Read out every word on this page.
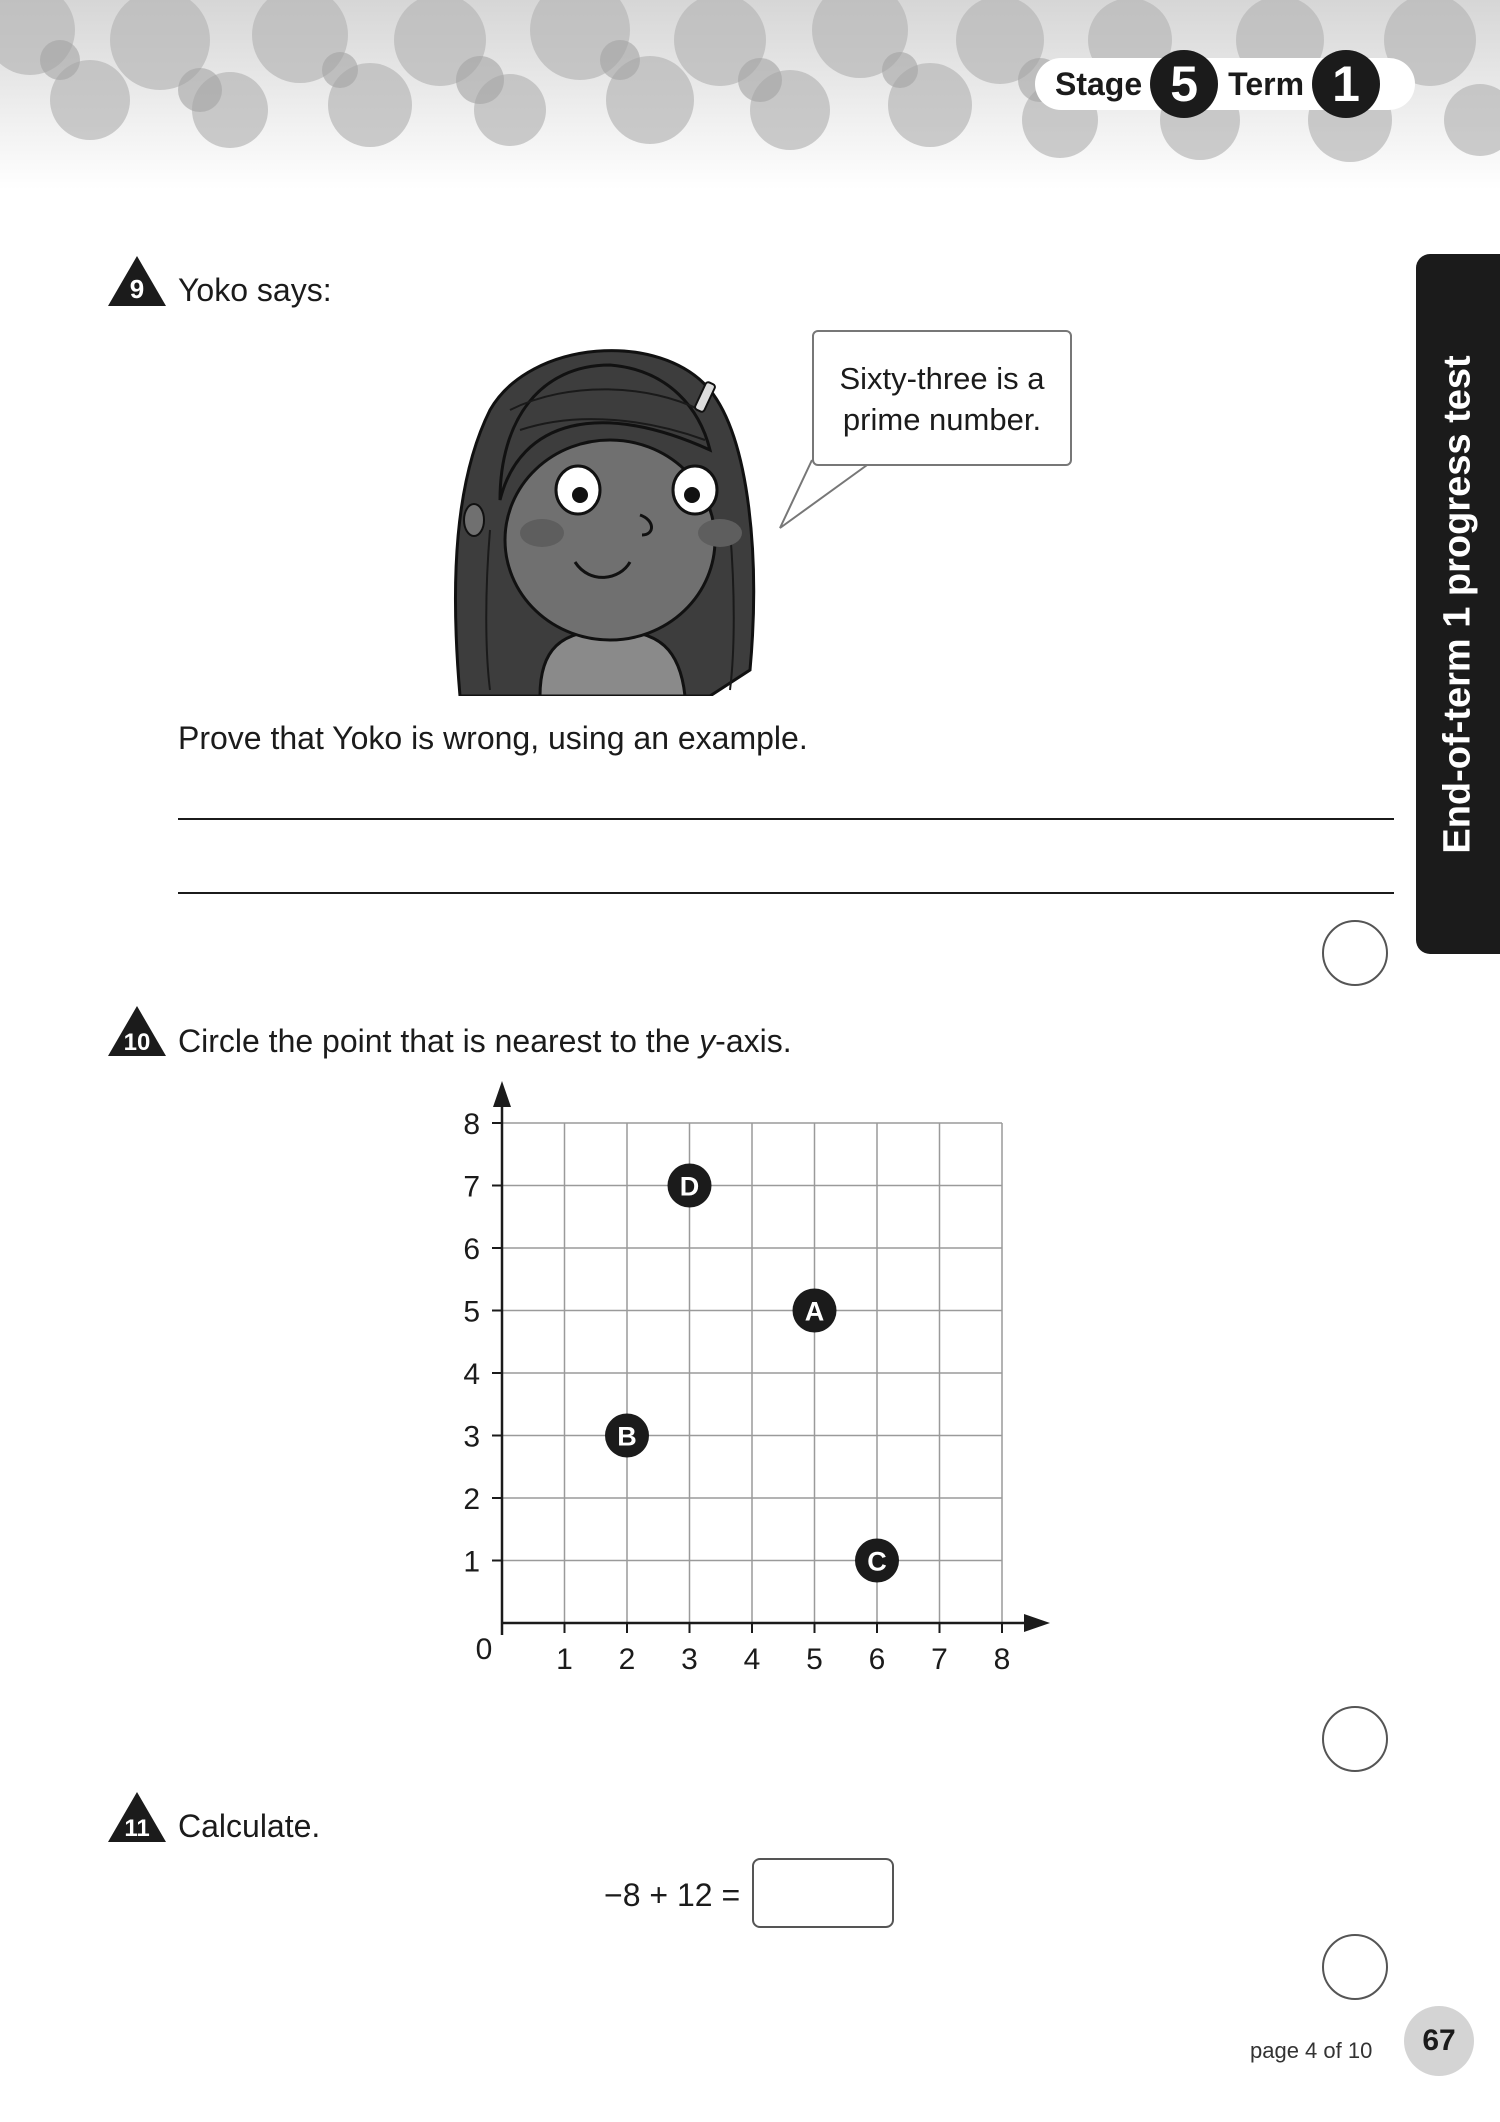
Stage 5 Term 1
End-of-term 1 progress test
9 Yoko says:
Sixty-three is a
prime number.
Prove that Yoko is wrong, using an example.
10 Circle the point that is nearest to the y-axis.
1 2 3 4 5 6 7 8
1
2
3
4
5
6
7
8
0
D
A
B
C
11 Calculate.
−8 + 12 =
page 4 of 10	67
